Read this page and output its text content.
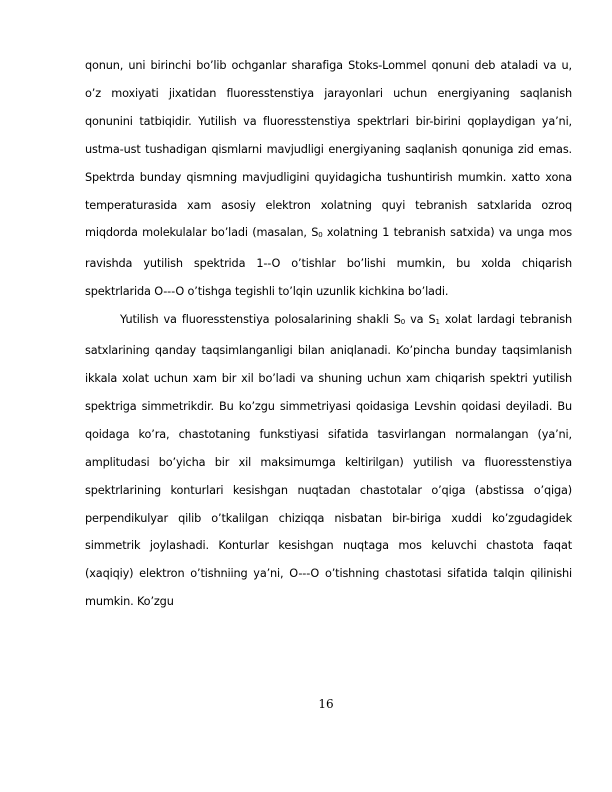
qonun, uni birinchi bo’lib ochganlar sharafiga Stoks-Lommel qonuni deb ataladi va u, o’z moxiyati jixatidan fluoresstenstiya jarayonlari uchun energiyaning saqlanish qonunini tatbiqidir. Yutilish va fluoresstenstiya spektrlari bir-birini qoplaydigan ya’ni, ustma-ust tushadigan qismlarni mavjudligi energiyaning saqlanish qonuniga zid emas. Spektrda bunday qismning mavjudligini quyidagicha tushuntirish mumkin. xatto xona temperaturasida xam asosiy elektron xolatning quyi tebranish satxlarida ozroq miqdorda molekulalar bo’ladi (masalan, S0 xolatning 1 tebranish satxida) va unga mos ravishda yutilish spektrida 1--O o’tishlar bo’lishi mumkin, bu xolda chiqarish spektrlarida O---O o’tishga tegishli to’lqin uzunlik kichkina bo’ladi.

Yutilish va fluoresstenstiya polosalarining shakli S0 va S1 xolat lardagi tebranish satxlarining qanday taqsimlanganligi bilan aniqlanadi. Ko’pincha bunday taqsimlanish ikkala xolat uchun xam bir xil bo’ladi va shuning uchun xam chiqarish spektri yutilish spektriga simmetrikdir. Bu ko’zgu simmetriyasi qoidasiga Levshin qoidasi deyiladi. Bu qoidaga ko’ra, chastotaning funkstiyasi sifatida tasvirlangan normalangan (ya’ni, amplitudasi bo’yicha bir xil maksimumga keltirilgan) yutilish va fluoresstenstiya spektrlarining konturlari kesishgan nuqtadan chastotalar o’qiga (abstissa o’qiga) perpendikulyar qilib o’tkalilgan chiziqqa nisbatan bir-biriga xuddi ko’zgudagidek simmetrik joylashadi. Konturlar kesishgan nuqtaga mos keluvchi chastota faqat (xaqiqiy) elektron o’tishniing ya’ni, O---O o’tishning chastotasi sifatida talqin qilinishi mumkin. Ko’zgu

16
